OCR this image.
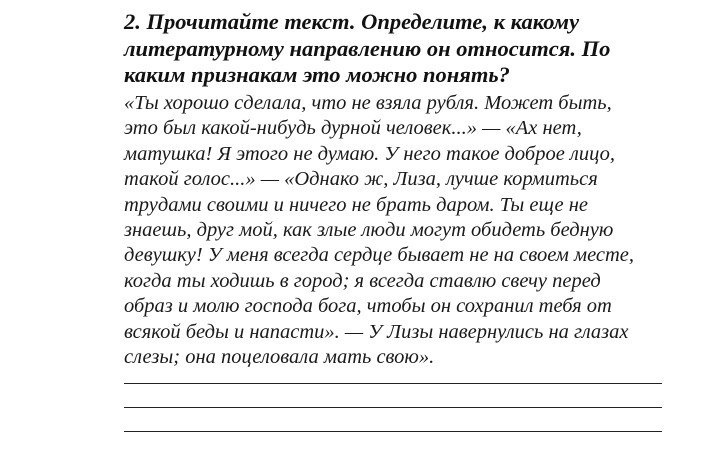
2. Прочитайте текст. Определите, к какому
литературному направлению он относится. По
каким признакам это можно понять?
«Ты хорошо сделала, что не взяла рубля. Может быть,
это был какой-нибудь дурной человек...» — «Ах нет,
матушка! Я этого не думаю. У него такое доброе лицо,
такой голос...» — «Однако ж, Лиза, лучше кормиться
трудами своими и ничего не брать даром. Ты еще не
знаешь, друг мой, как злые люди могут обидеть бедную
девушку! У меня всегда сердце бывает не на своем месте,
когда ты ходишь в город; я всегда ставлю свечу перед
образ и молю господа бога, чтобы он сохранил тебя от
всякой беды и напасти». — У Лизы навернулись на глазах
слезы; она поцеловала мать свою».
